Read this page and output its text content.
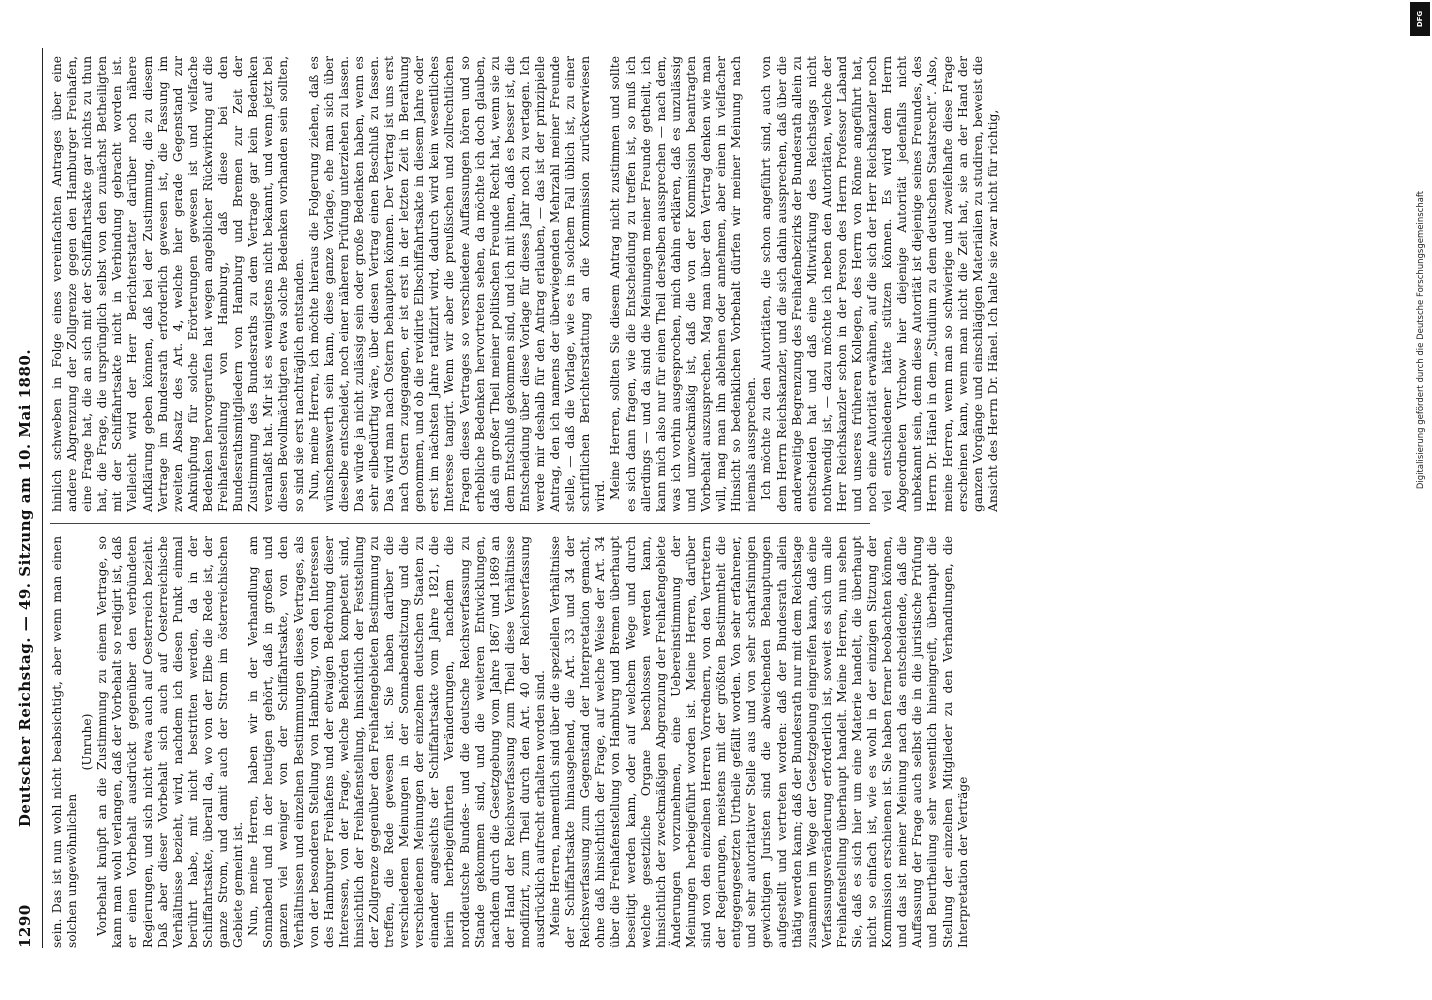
1290
Deutscher Reichstag. — 49. Sitzung am 10. Mai 1880. sein. Das ist nun wohl nicht beabsichtigt, aber wenn man einen solchen ungewöhnlichen

(Unruhe) Vorbehalt knüpft an die Zustimmung zu einem Vertrage, so kann man wohl verlangen, daß der Vorbehalt so redigirt ist, daß er einen Vorbehalt ausdrückt gegenüber den verbündeten Regierungen, und sich nicht etwa auch auf Oesterreich bezieht. Daß aber dieser Vorbehalt sich auch auf Oesterreichische Verhältnisse bezieht, wird, nachdem ich diesen Punkt einmal berührt habe, mit nicht bestritten werden, da in der Schiffahrtsakte, überall da, wo von der Elbe die Rede ist, der ganze Strom, und damit auch der Strom im österreichischen Gebiete gemeint ist. Nun, meine Herren, haben wir in der Verhandlung am Sonnabend und in der heutigen gehört, daß in großen und ganzen viel weniger von der Schiffahrtsakte, von den Verhältnissen und einzelnen Bestimmungen dieses Vertrages, als von der besonderen Stellung von Hamburg, von den Interessen des Hamburger Freihafens und der etwaigen Bedrohung dieser Interessen, von der Frage, welche Behörden kompetent sind, hinsichtlich der Freihafenstellung, hinsichtlich der Feststellung der Zollgrenze gegenüber den Freihafengebieten Bestimmung zu treffen, die Rede gewesen ist. Sie haben darüber die verschiedenen Meinungen in der Sonnabendsitzung und die verschiedenen Meinungen der einzelnen deutschen Staaten zu einander angesichts der Schiffahrtsakte vom Jahre 1821, die hierin herbeigeführten Veränderungen, nachdem die norddeutsche Bundes- und die deutsche Reichsverfassung zu Stande gekommen sind, und die weiteren Entwicklungen, nachdem durch die Gesetzgebung vom Jahre 1867 und 1869 an der Hand der Reichsverfassung zum Theil diese Verhältnisse modifizirt, zum Theil durch den Art. 40 der Reichsverfassung ausdrücklich aufrecht erhalten worden sind. Meine Herren, namentlich sind über die speziellen Verhältnisse der Schiffahrtsakte hinausgehend, die Art. 33 und 34 der Reichsverfassung zum Gegenstand der Interpretation gemacht, ohne daß hinsichtlich der Frage, auf welche Weise der Art. 34 über die Freihafenstellung von Hamburg und Bremen überhaupt beseitigt werden kann, oder auf welchem Wege und durch welche gesetzliche Organe beschlossen werden kann, hinsichtlich der zweckmäßigen Abgrenzung der Freihafengebiete Änderungen vorzunehmen, eine Uebereinstimmung der Meinungen herbeigeführt worden ist. Meine Herren, darüber sind von den einzelnen Herren Vorrednern, von den Vertretern der Regierungen, meistens mit der größten Bestimmtheit die entgegengesetzten Urtheile gefällt worden. Von sehr erfahrener, und sehr autoritativer Stelle aus und von sehr scharfsinnigen gewichtigen Juristen sind die abweichenden Behauptungen aufgestellt und vertreten worden: daß der Bundesrath allein thätig werden kann; daß der Bundesrath nur mit dem Reichstage zusammen im Wege der Gesetzgebung eingreifen kann, daß eine Verfassungsveränderung erforderlich ist, soweit es sich um alle Freihafenstellung überhaupt handelt. Meine Herren, nun sehen Sie, daß es sich hier um eine Materie handelt, die überhaupt nicht so einfach ist, wie es wohl in der einzigen Sitzung der Kommission erschienen ist. Sie haben ferner beobachten können, und das ist meiner Meinung nach das entscheidende, daß die Auffassung der Frage auch selbst die in die juristische Prüfung und Beurtheilung sehr wesentlich hineingreift, überhaupt die Stellung der einzelnen Mitglieder zu den Verhandlungen, die Interpretation der Verträge

hinlich schweben in Folge eines vereinfachten Antrages über eine andere Abgrenzung der Zollgrenze gegen den Hamburger Freihafen, eine Frage hat, die an sich mit der Schiffahrtsakte gar nichts zu thun hat, die Frage, die ursprünglich selbst von den zunächst Betheiligten mit der Schiffahrtsakte nicht in Verbindung gebracht worden ist. Vielleicht wird der Herr Berichterstatter darüber noch nähere Aufklärung geben können, daß bei der Zustimmung, die zu diesem Vertrage im Bundesrath erforderlich gewesen ist, die Fassung im zweiten Absatz des Art. 4, welche hier gerade Gegenstand zur Anknüpfung für solche Erörterungen gewesen ist und vielfache Bedenken hervorgerufen hat wegen angeblicher Rückwirkung auf die Freihafenstellung von Hamburg, daß diese bei den Bundesrathsmitgliedern von Hamburg und Bremen zur Zeit der Zustimmung des Bundesraths zu dem Vertrage gar kein Bedenken veranlaßt hat. Mir ist es wenigstens nicht bekannt, und wenn jetzt bei diesen Bevollmächtigten etwa solche Bedenken vorhanden sein sollten, so sind sie erst nachträglich entstanden. Nun, meine Herren, ich möchte hieraus die Folgerung ziehen, daß es wünschenswerth sein kann, diese ganze Vorlage, ehe man sich über dieselbe entscheidet, noch einer näheren Prüfung unterziehen zu lassen. Das würde ja nicht zulässig sein oder große Bedenken haben, wenn es sehr eilbedürftig wäre, über diesen Vertrag einen Beschluß zu fassen. Das wird man nach Ostern behaupten können. Der Vertrag ist uns erst nach Ostern zugegangen, er ist erst in der letzten Zeit in Berathung genommen, und ob die revidirte Elbschiffahrtsakte in diesem Jahre oder erst im nächsten Jahre ratifizirt wird, dadurch wird kein wesentliches Interesse tangirt. Wenn wir aber die preußischen und zollrechtlichen Fragen dieses Vertrages so verschiedene Auffassungen hören und so erhebliche Bedenken hervortreten sehen, da möchte ich doch glauben, daß ein großer Theil meiner politischen Freunde Recht hat, wenn sie zu dem Entschluß gekommen sind, und ich mit ihnen, daß es besser ist, die Entscheidung über diese Vorlage für dieses Jahr noch zu vertagen. Ich werde mir deshalb für den Antrag erlauben, — das ist der prinzipielle Antrag, den ich namens der überwiegenden Mehrzahl meiner Freunde stelle, — daß die Vorlage, wie es in solchem Fall üblich ist, zu einer schriftlichen Berichterstattung an die Kommission zurückverwiesen wird. Meine Herren, sollten Sie diesem Antrag nicht zustimmen und sollte es sich dann fragen, wie die Entscheidung zu treffen ist, so muß ich allerdings — und da sind die Meinungen meiner Freunde getheilt, ich kann mich also nur für einen Theil derselben aussprechen — nach dem, was ich vorhin ausgesprochen, mich dahin erklären, daß es unzulässig und unzweckmäßig ist, daß die von der Kommission beantragten Vorbehalt auszusprechen. Mag man über den Vertrag denken wie man will, mag man ihn ablehnen oder annehmen, aber einen in vielfacher Hinsicht so bedenklichen Vorbehalt dürfen wir meiner Meinung nach niemals aussprechen. Ich möchte zu den Autoritäten, die schon angeführt sind, auch von dem Herrn Reichskanzler, und die sich dahin aussprechen, daß über die anderweitige Begrenzung des Freihafenbezirks der Bundesrath allein zu entscheiden hat und daß eine Mitwirkung des Reichstags nicht nothwendig ist, — dazu möchte ich neben den Autoritäten, welche der Herr Reichskanzler schon in der Person des Herrn Professor Laband und unseres früheren Kollegen, des Herrn von Rönne angeführt hat, noch eine Autorität erwähnen, auf die sich der Herr Reichskanzler noch viel entschiedener hätte stützen können. Es wird dem Herrn Abgeordneten Virchow hier diejenige Autorität jedenfalls nicht unbekannt sein, denn diese Autorität ist diejenige seines Freundes, des Herrn Dr. Hänel in dem „Studium zu dem deutschen Staatsrecht“. Also, meine Herren, wenn man so schwierige und zweifelhafte diese Frage erscheinen kann, wenn man nicht die Zeit hat, sie an der Hand der ganzen Vorgänge und einschlägigen Materialien zu studiren, beweist die Ansicht des Herrn Dr. Hänel. Ich halte sie zwar nicht für richtig,

DFG
Digitalisierung gefördert durch die Deutsche Forschungsgemeinschaft
